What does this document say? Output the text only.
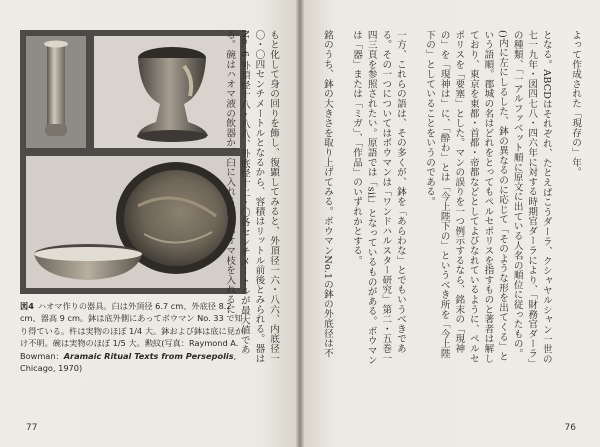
図4 ハオマ作りの器具。臼は外頂径 6.7 cm、外底径 8.2 cm、器高 9 cm。鉢は底外側にあってボウマン No. 33 で知り得ている。杵は実物のほぼ 1/4 大。鉢および鉢は底に見かけ不明。碗は実物のほぼ 1/5 大。勲紋(写真：Raymond A. Bowman：Aramaic Ritual Texts from Persepolis, Chicago, 1970)
もと化して身の回りを飾し、復顕してみると、外頂径一六・八六、内底径一〇・〇四センチメートルとなるから、容積はリットル前後とみられる。器は No. 6 外頂径十八・八八、外底径十二・〇各センチメートルが最大値である。碗はハオマ液の飲器か、臼に入れる酵にハオマ枝を入れるに
77
よって作成された「現存の」年。

となる。ABCDはそれぞれ、たとえばこうダーラ、クシャヤルシャン一世の七一九年・図四七八・四六年に対する時期官ダーラにより、「財務官ダーラ」の種類、「一アルファベット順に原文に出ている人名の順位に従ったもの。()内に左にしるした、鉢の異なるのに応じて「そのような形を出てくる」という語順。郡城の名はどれをとってもペルセポリスを指すものと著者は解しており、東京を東都・首都・帝都などとしてよびなれているように、ペルセポリスを「要塞」とした。マンの誤りを一つ例示するなら、銘末の「現神の」を「現神は」に、「酔わ」とは「今上陛下の」というべき所を「今上陛下の」としていることをいうのである。

一方、これらの語は、その多くが、鉢を「あらわな」とでもいうべきである。その一つについてはボウマンは「ワンドハルスター研究」第二・五巻一四三頁を参照されたい。原語では「sii」となっているものがある。ボウマンは「器」または「ミガ」、「作品」のいずれかとする。

銘のうち、鉢の大きさを取り上げてみる。ボウマンNo.1の鉢の外底径は不

76
